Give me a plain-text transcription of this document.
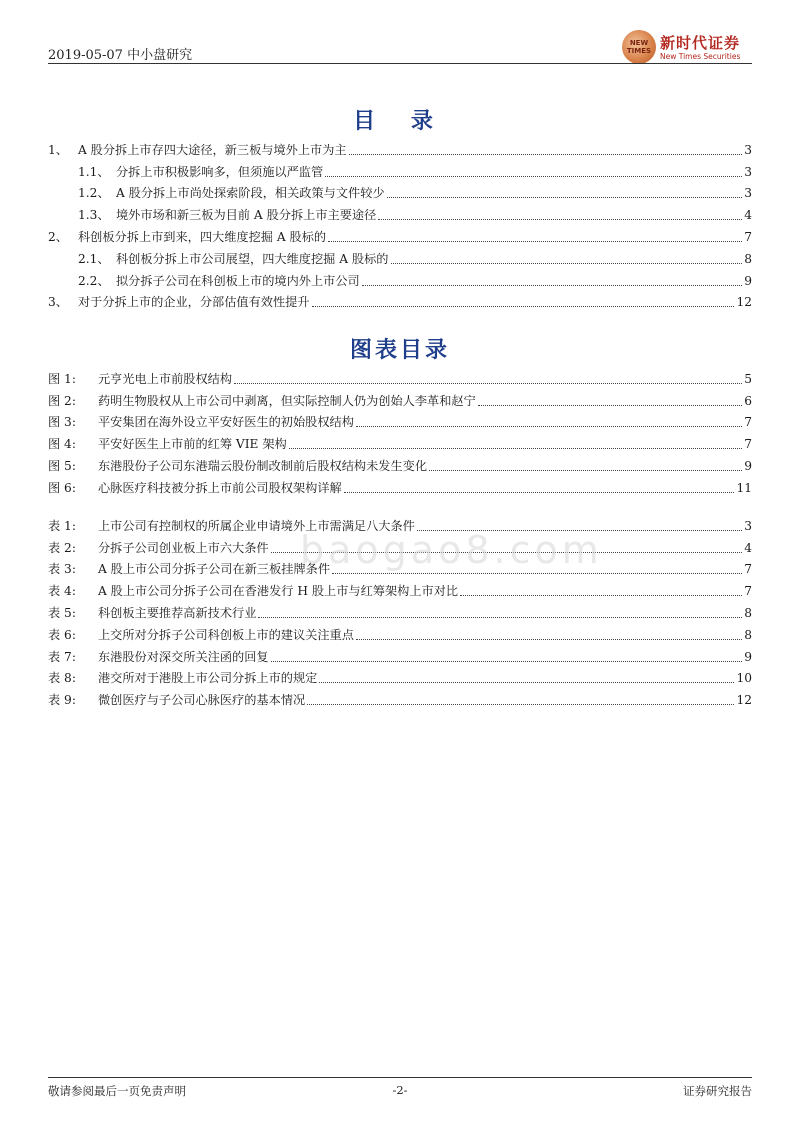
2019-05-07 中小盘研究
NEW
TIMES 新时代证券
New Times Securities
目 录
1、 A 股分拆上市存四大途径，新三板与境外上市为主	3
1.1、 分拆上市积极影响多，但须施以严监管	3
1.2、 A 股分拆上市尚处探索阶段，相关政策与文件较少	3
1.3、 境外市场和新三板为目前 A 股分拆上市主要途径	4
2、 科创板分拆上市到来，四大维度挖掘 A 股标的	7
2.1、 科创板分拆上市公司展望，四大维度挖掘 A 股标的	8
2.2、 拟分拆子公司在科创板上市的境内外上市公司	9
3、 对于分拆上市的企业，分部估值有效性提升	12
图表目录
图 1:	元亨光电上市前股权结构	5
图 2:	药明生物股权从上市公司中剥离，但实际控制人仍为创始人李革和赵宁	6
图 3:	平安集团在海外设立平安好医生的初始股权结构	7
图 4:	平安好医生上市前的红筹 VIE 架构	7
图 5:	东港股份子公司东港瑞云股份制改制前后股权结构未发生变化	9
图 6:	心脉医疗科技被分拆上市前公司股权架构详解	11
表 1:	上市公司有控制权的所属企业申请境外上市需满足八大条件	3
表 2:	分拆子公司创业板上市六大条件	4
表 3:	A 股上市公司分拆子公司在新三板挂牌条件	7
表 4:	A 股上市公司分拆子公司在香港发行 H 股上市与红筹架构上市对比	7
表 5:	科创板主要推荐高新技术行业	8
表 6:	上交所对分拆子公司科创板上市的建议关注重点	8
表 7:	东港股份对深交所关注函的回复	9
表 8:	港交所对于港股上市公司分拆上市的规定	10
表 9:	微创医疗与子公司心脉医疗的基本情况	12
baogao8.com
敬请参阅最后一页免责声明	-2-	证券研究报告
